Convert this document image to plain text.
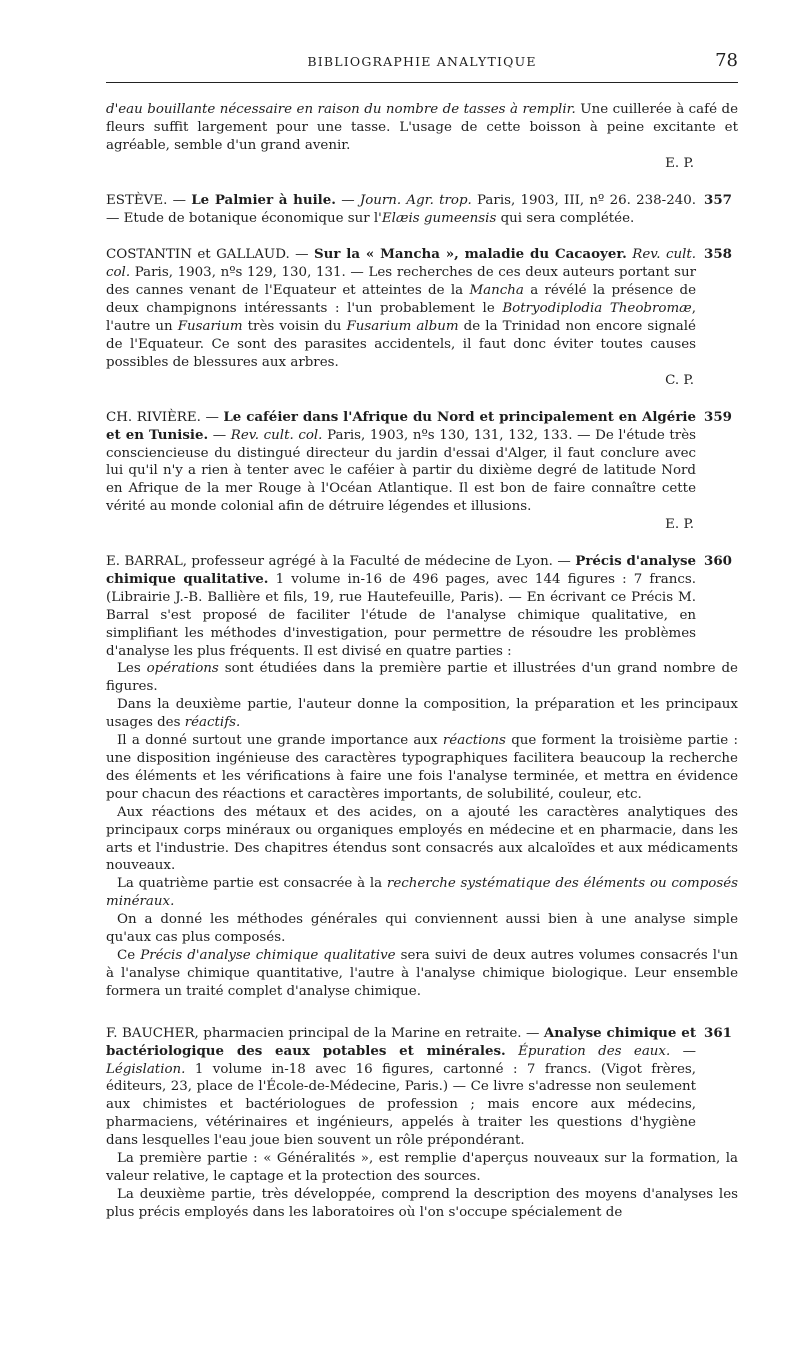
BIBLIOGRAPHIE ANALYTIQUE	78

d'eau bouillante nécessaire en raison du nombre de tasses à remplir. Une cuillerée à café de fleurs suffit largement pour une tasse. L'usage de cette boisson à peine excitante et agréable, semble d'un grand avenir.

E. P.

357

ESTÈVE. — Le Palmier à huile. — Journ. Agr. trop. Paris, 1903, III, nº 26. 238-240. — Etude de botanique économique sur l'Elæis gumeensis qui sera complétée.

358

COSTANTIN et GALLAUD. — Sur la « Mancha », maladie du Cacaoyer. Rev. cult. col. Paris, 1903, nºs 129, 130, 131. — Les recherches de ces deux auteurs portant sur des cannes venant de l'Equateur et atteintes de la Mancha a révélé la présence de deux champignons intéressants : l'un probablement le Botryodiplodia Theobromæ, l'autre un Fusarium très voisin du Fusarium album de la Trinidad non encore signalé de l'Equateur. Ce sont des parasites accidentels, il faut donc éviter toutes causes possibles de blessures aux arbres.

C. P.

359

CH. RIVIÈRE. — Le caféier dans l'Afrique du Nord et principalement en Algérie et en Tunisie. — Rev. cult. col. Paris, 1903, nºs 130, 131, 132, 133. — De l'étude très consciencieuse du distingué directeur du jardin d'essai d'Alger, il faut conclure avec lui qu'il n'y a rien à tenter avec le caféier à partir du dixième degré de latitude Nord en Afrique de la mer Rouge à l'Océan Atlantique. Il est bon de faire connaître cette vérité au monde colonial afin de détruire légendes et illusions.

E. P.

360

E. BARRAL, professeur agrégé à la Faculté de médecine de Lyon. — Précis d'analyse chimique qualitative. 1 volume in-16 de 496 pages, avec 144 figures : 7 francs. (Librairie J.-B. Ballière et fils, 19, rue Hautefeuille, Paris). — En écrivant ce Précis M. Barral s'est proposé de faciliter l'étude de l'analyse chimique qualitative, en simplifiant les méthodes d'investigation, pour permettre de résoudre les problèmes d'analyse les plus fréquents. Il est divisé en quatre parties :

Les opérations sont étudiées dans la première partie et illustrées d'un grand nombre de figures.

Dans la deuxième partie, l'auteur donne la composition, la préparation et les principaux usages des réactifs.

Il a donné surtout une grande importance aux réactions que forment la troisième partie : une disposition ingénieuse des caractères typographiques facilitera beaucoup la recherche des éléments et les vérifications à faire une fois l'analyse terminée, et mettra en évidence pour chacun des réactions et caractères importants, de solubilité, couleur, etc.

Aux réactions des métaux et des acides, on a ajouté les caractères analytiques des principaux corps minéraux ou organiques employés en médecine et en pharmacie, dans les arts et l'industrie. Des chapitres étendus sont consacrés aux alcaloïdes et aux médicaments nouveaux.

La quatrième partie est consacrée à la recherche systématique des éléments ou composés minéraux.

On a donné les méthodes générales qui conviennent aussi bien à une analyse simple qu'aux cas plus composés.

Ce Précis d'analyse chimique qualitative sera suivi de deux autres volumes consacrés l'un à l'analyse chimique quantitative, l'autre à l'analyse chimique biologique. Leur ensemble formera un traité complet d'analyse chimique.

361

F. BAUCHER, pharmacien principal de la Marine en retraite. — Analyse chimique et bactériologique des eaux potables et minérales. Épuration des eaux. — Législation. 1 volume in-18 avec 16 figures, cartonné : 7 francs. (Vigot frères, éditeurs, 23, place de l'École-de-Médecine, Paris.) — Ce livre s'adresse non seulement aux chimistes et bactériologues de profession ; mais encore aux médecins, pharmaciens, vétérinaires et ingénieurs, appelés à traiter les questions d'hygiène dans lesquelles l'eau joue bien souvent un rôle prépondérant.

La première partie : « Généralités », est remplie d'aperçus nouveaux sur la formation, la valeur relative, le captage et la protection des sources.

La deuxième partie, très développée, comprend la description des moyens d'analyses les plus précis employés dans les laboratoires où l'on s'occupe spécialement de
